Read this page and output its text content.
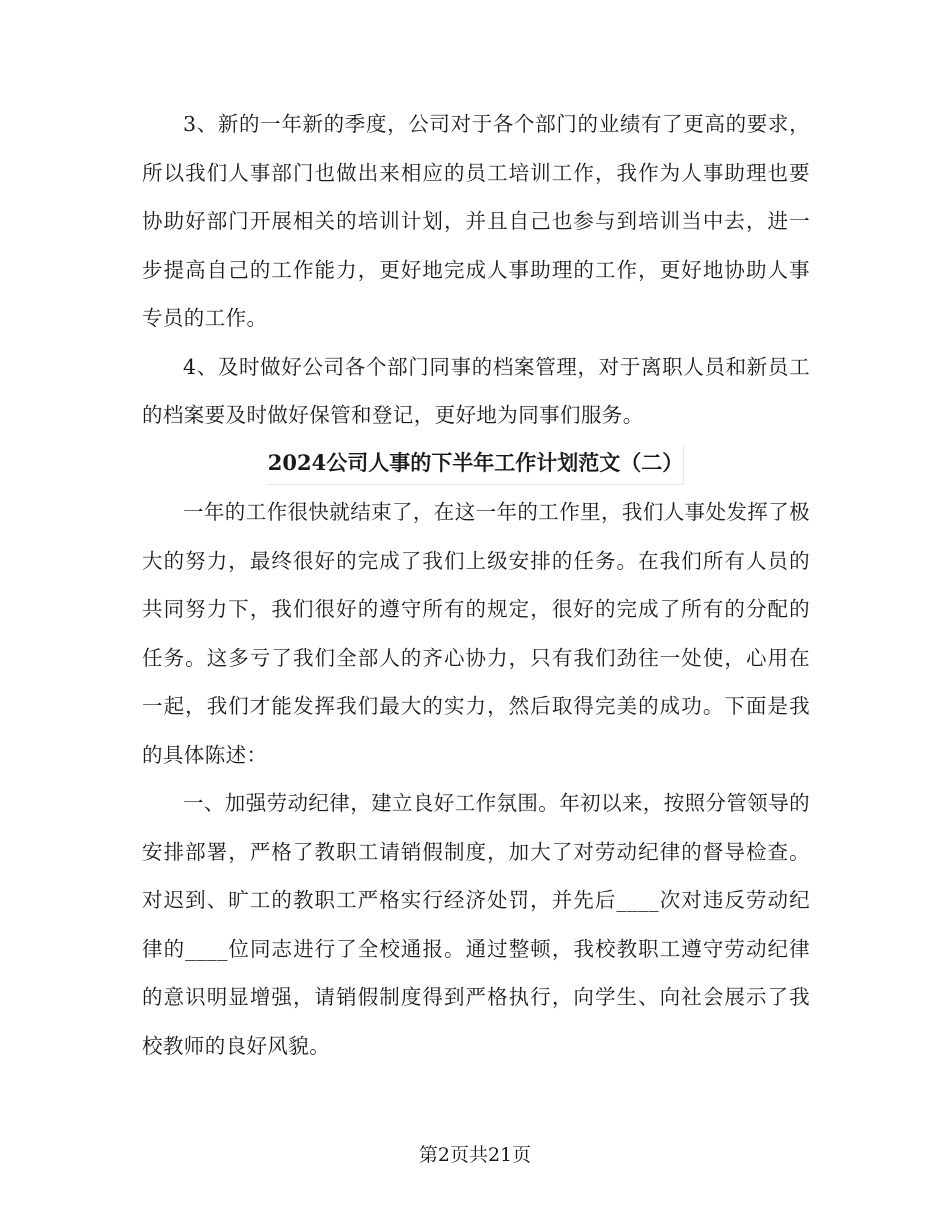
3、新的一年新的季度，公司对于各个部门的业绩有了更高的要求，所以我们人事部门也做出来相应的员工培训工作，我作为人事助理也要协助好部门开展相关的培训计划，并且自己也参与到培训当中去，进一步提高自己的工作能力，更好地完成人事助理的工作，更好地协助人事专员的工作。

4、及时做好公司各个部门同事的档案管理，对于离职人员和新员工的档案要及时做好保管和登记，更好地为同事们服务。

2024公司人事的下半年工作计划范文（二）

一年的工作很快就结束了，在这一年的工作里，我们人事处发挥了极大的努力，最终很好的完成了我们上级安排的任务。在我们所有人员的共同努力下，我们很好的遵守所有的规定，很好的完成了所有的分配的任务。这多亏了我们全部人的齐心协力，只有我们劲往一处使，心用在一起，我们才能发挥我们最大的实力，然后取得完美的成功。下面是我的具体陈述：

一、加强劳动纪律，建立良好工作氛围。年初以来，按照分管领导的安排部署，严格了教职工请销假制度，加大了对劳动纪律的督导检查。对迟到、旷工的教职工严格实行经济处罚，并先后____次对违反劳动纪律的____位同志进行了全校通报。通过整顿，我校教职工遵守劳动纪律的意识明显增强，请销假制度得到严格执行，向学生、向社会展示了我校教师的良好风貌。

第2页共21页
